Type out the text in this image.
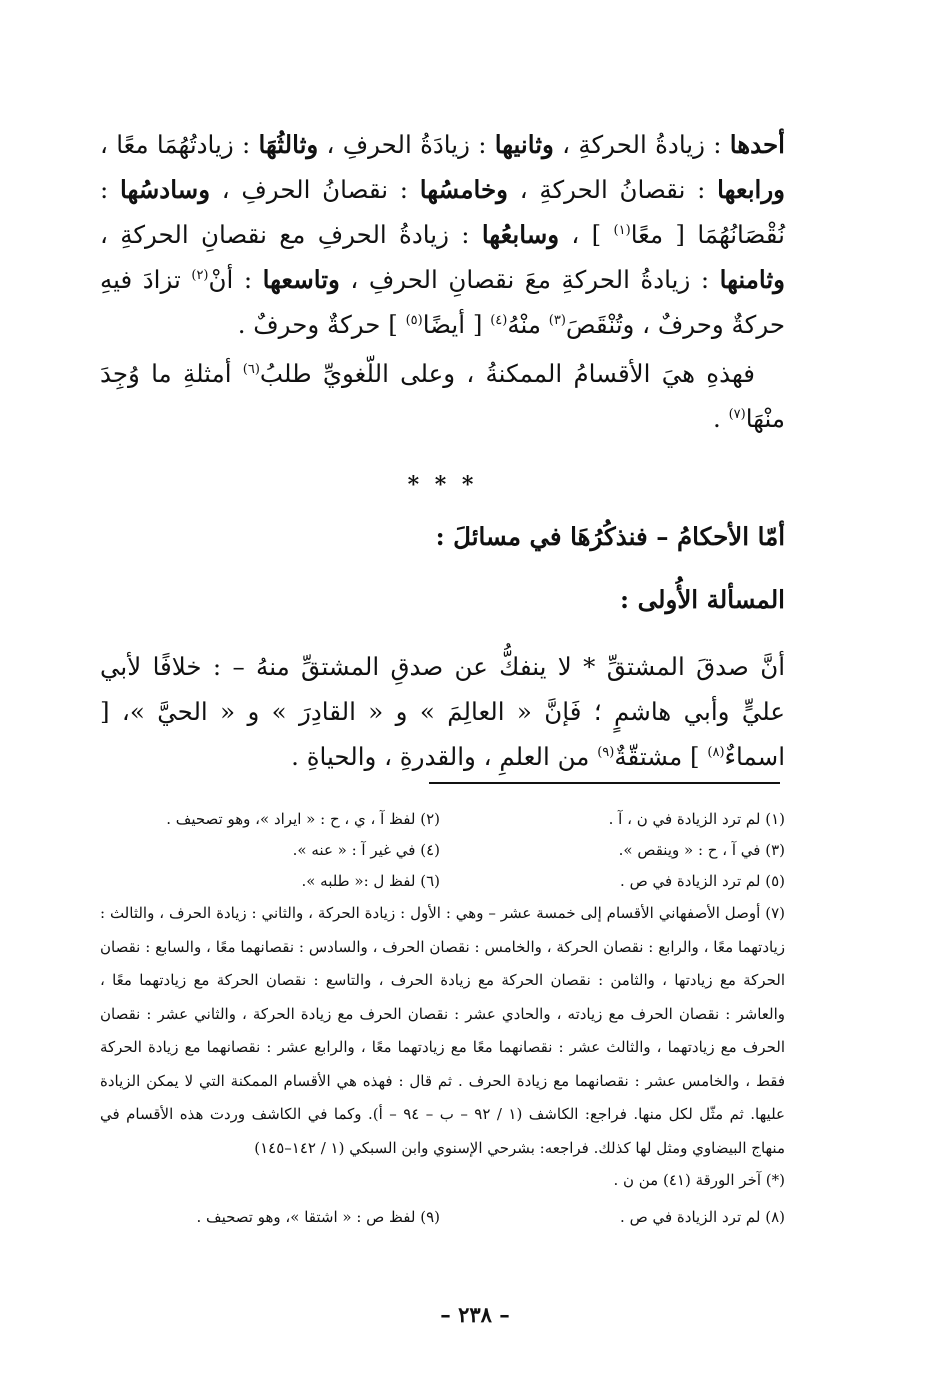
أحدها : زيادةُ الحركةِ ، وثانيها : زيادَةُ الحرفِ ، وثالثُهَا : زيادتُهُمَا معًا ، ورابعها : نقصانُ الحركةِ ، وخامسُها : نقصانُ الحرفِ ، وسادسُها : نُقْصَانُهُمَا [ معًا$^{(١)}$ ] ، وسابعُها : زيادةُ الحرفِ مع نقصانِ الحركةِ ، وثامنها : زيادةُ الحركةِ معَ نقصانِ الحرفِ ، وتاسعها : أنْ$^{(٢)}$ تزادَ فيهِ حركةٌ وحرفٌ ، وتُنْقَصَ$^{(٣)}$ منْهُ$^{(٤)}$ [ أيضًا$^{(٥)}$ ] حركةٌ وحرفٌ .

فهذهِ هيَ الأقسامُ الممكنةُ ، وعلى اللّغويِّ طلبُ$^{(٦)}$ أمثلةِ ما وُجِدَ منْهَا$^{(٧)}$ .

* * *
أمّا الأحكامُ – فنذكُرُهَا في مسائلَ :
المسألة الأُولى :

أنَّ صدقَ المشتقِّ * لا ينفكُّ عن صدقِ المشتقِّ منهُ – : خلافًا لأبي عليٍّ وأبي هاشمٍ ؛ فَإنَّ « العالِمَ » و « القادِرَ » و « الحيَّ »، [ اسماءٌ$^{(٨)}$ ] مشتقّةٌ$^{(٩)}$ من العلمِ ، والقدرةِ ، والحياةِ .

(١) لم ترد الزيادة في ن ، آ .
(٢) لفظ آ ، ي ، ح : « ايراد »، وهو تصحيف .
(٣) في آ ، ح : « وينقص ».
(٤) في غير آ : « عنه ».
(٥) لم ترد الزيادة في ص .
(٦) لفظ ل :« طلبه ».
(٧) أوصل الأصفهاني الأقسام إلى خمسة عشر – وهي : الأول : زيادة الحركة ، والثاني : زيادة الحرف ، والثالث : زيادتهما معًا ، والرابع : نقصان الحركة ، والخامس : نقصان الحرف ، والسادس : نقصانهما معًا ، والسابع : نقصان الحركة مع زيادتها ، والثامن : نقصان الحركة مع زيادة الحرف ، والتاسع : نقصان الحركة مع زيادتهما معًا ، والعاشر : نقصان الحرف مع زيادته ، والحادي عشر : نقصان الحرف مع زيادة الحركة ، والثاني عشر : نقصان الحرف مع زيادتهما ، والثالث عشر : نقصانهما معًا مع زيادتهما معًا ، والرابع عشر : نقصانهما مع زيادة الحركة فقط ، والخامس عشر : نقصانهما مع زيادة الحرف . ثم قال : فهذه هي الأقسام الممكنة التي لا يمكن الزيادة عليها. ثم مثّل لكل منها. فراجع: الكاشف (١ / ٩٢ – ب – ٩٤ – أ). وكما في الكاشف وردت هذه الأقسام في منهاج البيضاوي ومثل لها كذلك. فراجعه: بشرحي الإسنوي وابن السبكي (١ / ١٤٢–١٤٥)
(*) آخر الورقة (٤١) من ن .
(٨) لم ترد الزيادة في ص .
(٩) لفظ ص : « اشتقا »، وهو تصحيف .
– ٢٣٨ –
